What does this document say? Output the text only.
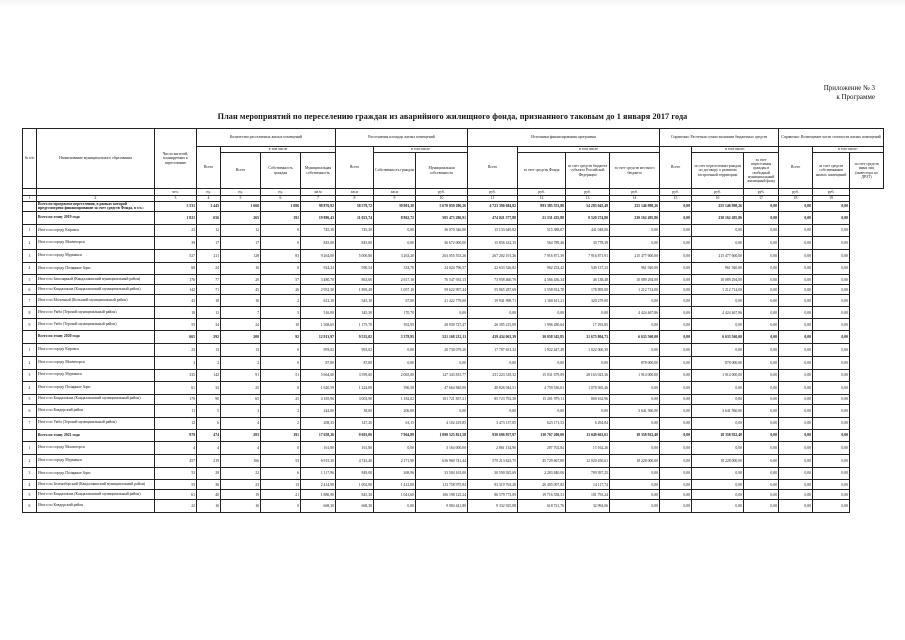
Приложение № 3
к Программе
План мероприятий по переселению граждан из аварийного жилищного фонда, признанного таковым до 1 января 2017 года
№ п/п	Наименование муниципального образования	Число жителей, планируемых к переселению	Количество расселяемых жилых помещений				Расселяемая площадь жилых помещений			Источники финансирования программы				Справочно: Расчетная сумма экономии бюджетных средств			Справочно: Возмещение части стоимости жилых помещений		
			Всего	в том числе			Всего	в том числе		Всего	в том числе			Всего	в том числе:		Всего	в том числе:	
				Всего	Собственность граждан	Муниципальная собственность		Собственность граждан	Муниципальная собственность		за счет средств Фонда	за счет средств бюджета субъекта Российской Федерации	за счет средств местного бюджета		за счет переселения граждан по договору о развитии застроенной территории	за счет переселения граждан в свободный муниципальный жилищный фонд		за счет средств собственников жилых помещений	за счет средств иных лиц (инвестора по ДРЗТ)
		чел.	ед.	ед.	ед.	кв.м	кв.м	кв.м	руб.	руб.	руб.	руб.	руб.	руб.	руб.	руб.	руб.	руб.	
1	2	3	4	5	6	7	8	9	10	11	12	13	14	15	16	17	18	19	
	Всего по программе переселения, в рамках которой предусмотрено финансирование за счет средств Фонда, в т.ч.:	5 531	2 445	1 660	1 086	98 876,92	58 578,72	39 901,20	5 670 859 286,26	4 723 390 684,82	893 385 553,88	54 283 045,49	255 146 998,26	0,00	255 146 998,26	0,00	0,00	0,00	
	Всего по этапу 2019 года	1 821	656	265	191	19 886,43	11 023,74	8 862,72	505 473 286,91	474 021 577,80	21 331 435,80	9 520 274,80	230 162 495,86	0,00	230 162 495,86	0,00	0,00	0,00	
1	Итого по городу Кировск	23	12	12	0	745,30	745,30	0,00	36 070 346,00	15 133 649,82	515 388,07	441 048,00	0,00	0,00	0,00	0,00	0,00	0,00	
2	Итого по городу Мончегорск	39	17	17	0	845,00	845,00	0,00	36 672 000,00	15 856 432,15	564 789,46	30 778,39	0,00	0,00	0,00	0,00	0,00	0,00	
3	Итого по городу Мурманск	527	211	128	83	9 264,00	5 000,80	3 263,20	263 055 553,26	267 202 191,26	7 916 871,39	7 916 871,91	215 477 600,00	0,00	215 477 600,00	0,00	0,00	0,00	
4	Итого по городу Полярные Зори	68	24	16	8	924,24	590,54	333,70	24 024 796,57	22 633 526,82	902 252,42	549 137,23	961 920,00	0,00	961 920,00	0,00	0,00	0,00	
5	Итого по Заполярный (Кандалакшский муниципальный район)	176	77	20	57	3 480,70	863,60	2 617,10	76 547 935,13	73 958 460,79	4 566 436,34	46 138,48	10 089 294,00	0,00	10 089 294,00	0,00	0,00	0,00	
6	Итого по Кандалакша (Кандалакшский муниципальный район)	142	71	45	26	2 952,50	1 895,40	1 057,10	59 622 997,44	55 865 287,69	3 558 814,78	178 895,00	1 212 714,00	0,00	1 212 714,00	0,00	0,00	0,00	
7	Итого по Молочный (Кольский муниципальный район)	43	18	16	2	612,10	545,10	67,00	21 422 779,00	19 941 998,71	1 160 611,21	320 279,00	0,00	0,00	0,00	0,00	0,00	0,00	
8	Итого по Умба (Терский муниципальный район)	10	12	7	5	516,00	345,30	170,70	0,00	0,00	0,00	0,00	4 424 467,86	0,00	4 424 467,86	0,00	0,00	0,00	
9	Итого по Умба (Терский муниципальный район)	55	34	24	10	1 568,65	1 175,70	392,95	28 030 727,47	26 305 215,09	1 996 280,64	17 293,85	0,00	0,00	0,00	0,00	0,00	0,00	
	Всего по этапу 2020 года	665	292	200	92	12 913,97	9 535,02	3 378,95	521 168 212,13	439 434 063,39	30 058 345,85	31 675 804,73	6 633 560,00	0,00	6 633 560,00	0,00	0,00	0,00	
1	Итого по городу Кировск	23	13	13	0	993,02	993,02	0,00	20 730 079,20	17 787 631,32	1 922 447,49	1 022 000,39	0,00	0,00	0,00	0,00	0,00	0,00	
2	Итого по городу Мончегорск	3	2	2	0	87,80	87,80	0,00	0,00	0,00	0,00	0,00	878 000,00	0,00	878 000,00	0,00	0,00	0,00	
3	Итого по городу Мурманск	335	142	91	51	5 664,60	3 599,60	2 065,00	147 343 815,77	231 223 318,32	15 031 679,09	28 163 023,36	1 914 000,00	0,00	1 914 000,00	0,00	0,00	0,00	
4	Итого по городу Полярные Зори	61	33	25	8	1 620,59	1 224,09	396,50	47 664 840,00	40 826 944,51	4 759 536,01	1 078 365,46	0,00	0,00	0,00	0,00	0,00	0,00	
5	Итого по Кандалакша (Кандалакшский муниципальный район)	179	90	65	25	4 185,96	3 003,90	1 182,02	101 721 837,21	85 723 792,38	15 201 979,11	800 162,96	0,00	0,00	0,00	0,00	0,00	0,00	
6	Итого по Ковдорский район	11	5	3	2	244,00	38,00	206,00	0,00	0,00	0,00	0,00	3 641 560,00	0,00	3 641 560,00	0,00	0,00	0,00	
7	Итого по Умба (Терский муниципальный район)	12	6	4	2	208,35	147,20	61,15	4 102 419,85	3 473 137,85	623 171,53	6 294,84	0,00	0,00	0,00	0,00	0,00	0,00	
	Всего по этапу 2021 года	979	474	283	191	17 658,26	9 693,06	7 964,89	1 090 523 821,58	930 696 957,97	130 767 200,00	13 049 663,61	18 358 922,40	0,00	18 358 922,40	0,00	0,00	0,00	
1	Итого по городу Мончегорск	4	4	4	0	161,80	161,80	0,00	3 164 000,00	2 861 134,90	287 702,84	15 162,26	0,00	0,00	0,00	0,00	0,00	0,00	
2	Итого по городу Мурманск	457	219	166	53	6 915,30	4 743,40	2 171,90	636 960 741,44	579 213 623,75	45 729 667,80	12 020 450,61	18 228 000,00	0,00	18 228 000,00	0,00	0,00	0,00	
3	Итого по городу Полярные Зори	53	28	22	6	1 117,96	849,00	268,96	33 584 163,00	30 590 925,69	2 283 840,06	709 397,25	0,00	0,00	0,00	0,00	0,00	0,00	
4	Итого по Зеленоборский (Кандалакшский муниципальный район)	55	36	23	13	2 414,90	1 002,90	1 412,00	113 758 975,84	93 319 763,28	20 405 097,82	14 117,74	0,00	0,00	0,00	0,00	0,00	0,00	
5	Итого по Кандалакша (Кандалакшский муниципальный район)	61	40	19	21	1 886,90	845,30	1 041,60	106 198 125,24	86 579 773,09	19 716 558,31	101 793,24	0,00	0,00	0,00	0,00	0,00	0,00	
6	Итого по Ковдорский район	22	16	16	0	668,30	668,30	0,00	9 984 441,80	9 332 925,88	618 721,76	32 994,06	0,00	0,00	0,00	0,00	0,00	0,00	
